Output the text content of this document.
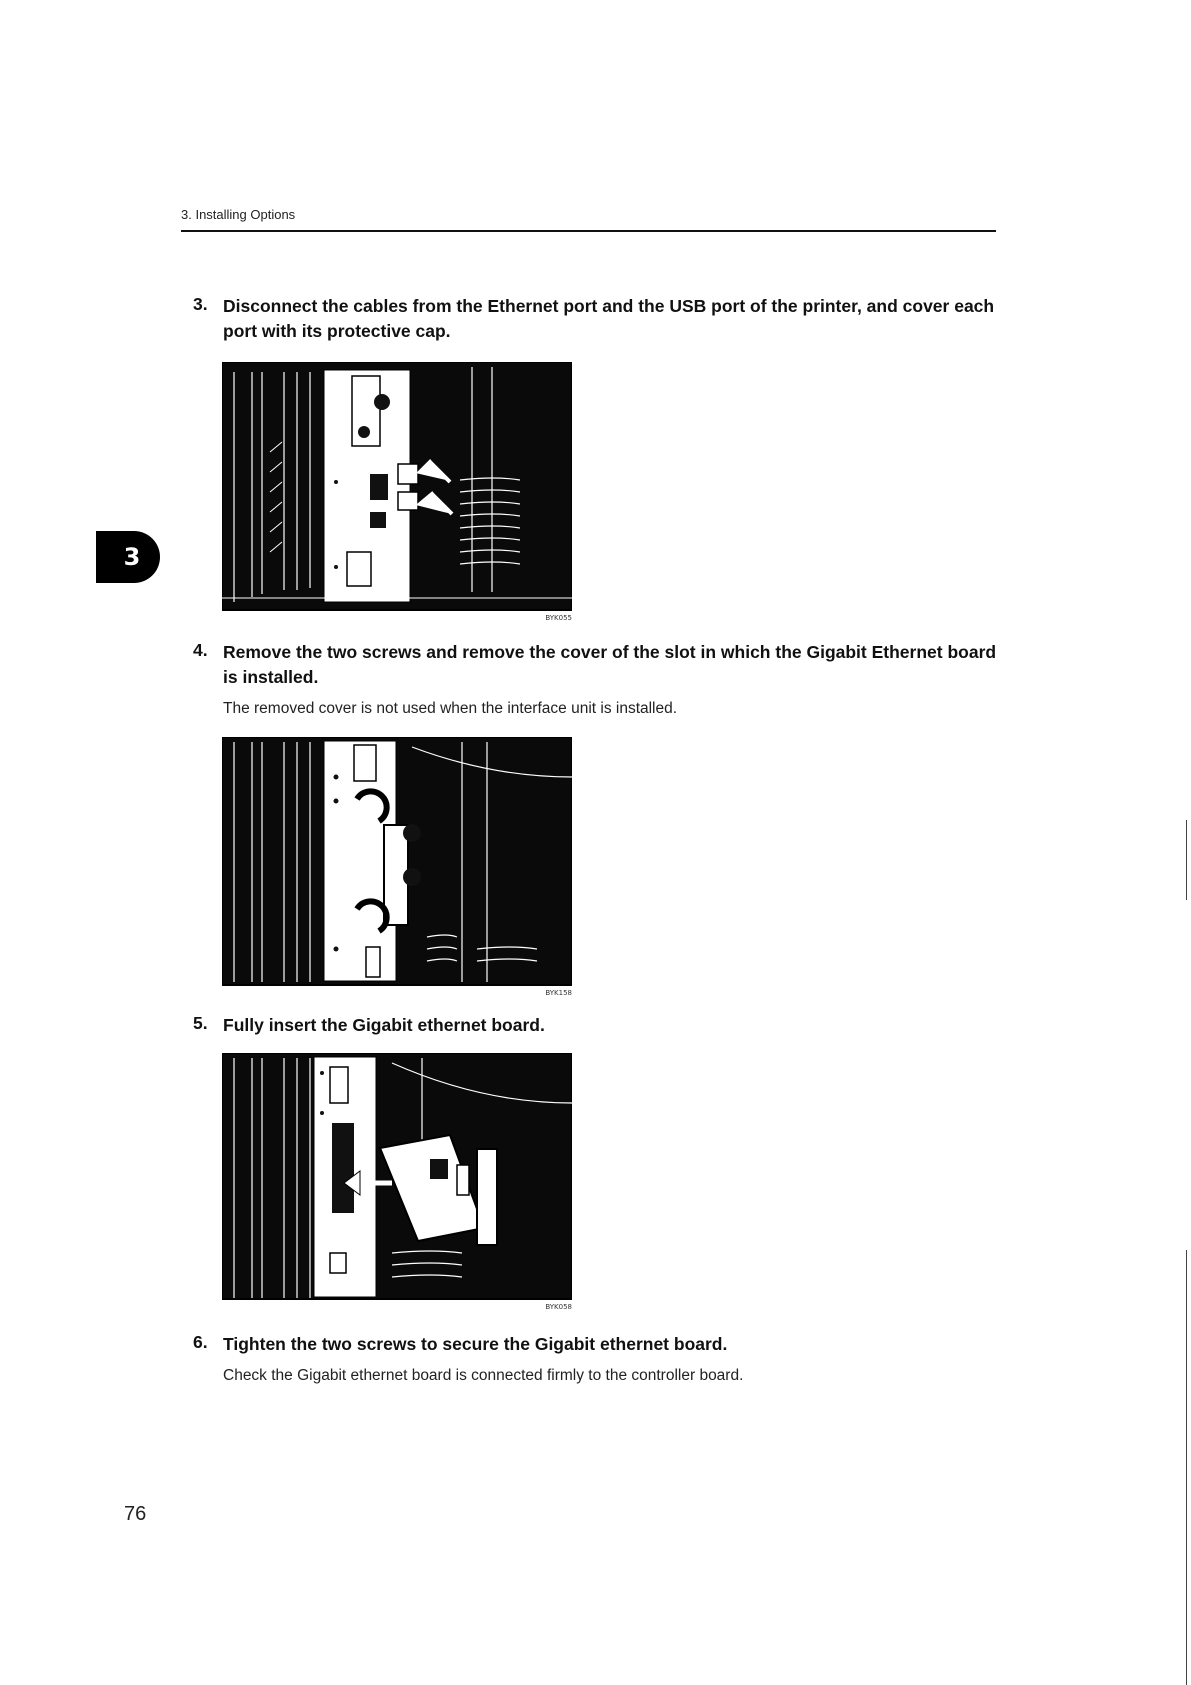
3. Installing Options
3
3. Disconnect the cables from the Ethernet port and the USB port of the printer, and cover each port with its protective cap.
BYK055
4. Remove the two screws and remove the cover of the slot in which the Gigabit Ethernet board is installed.
The removed cover is not used when the interface unit is installed.
BYK158
5. Fully insert the Gigabit ethernet board.
BYK058
6. Tighten the two screws to secure the Gigabit ethernet board.
Check the Gigabit ethernet board is connected firmly to the controller board.
76
